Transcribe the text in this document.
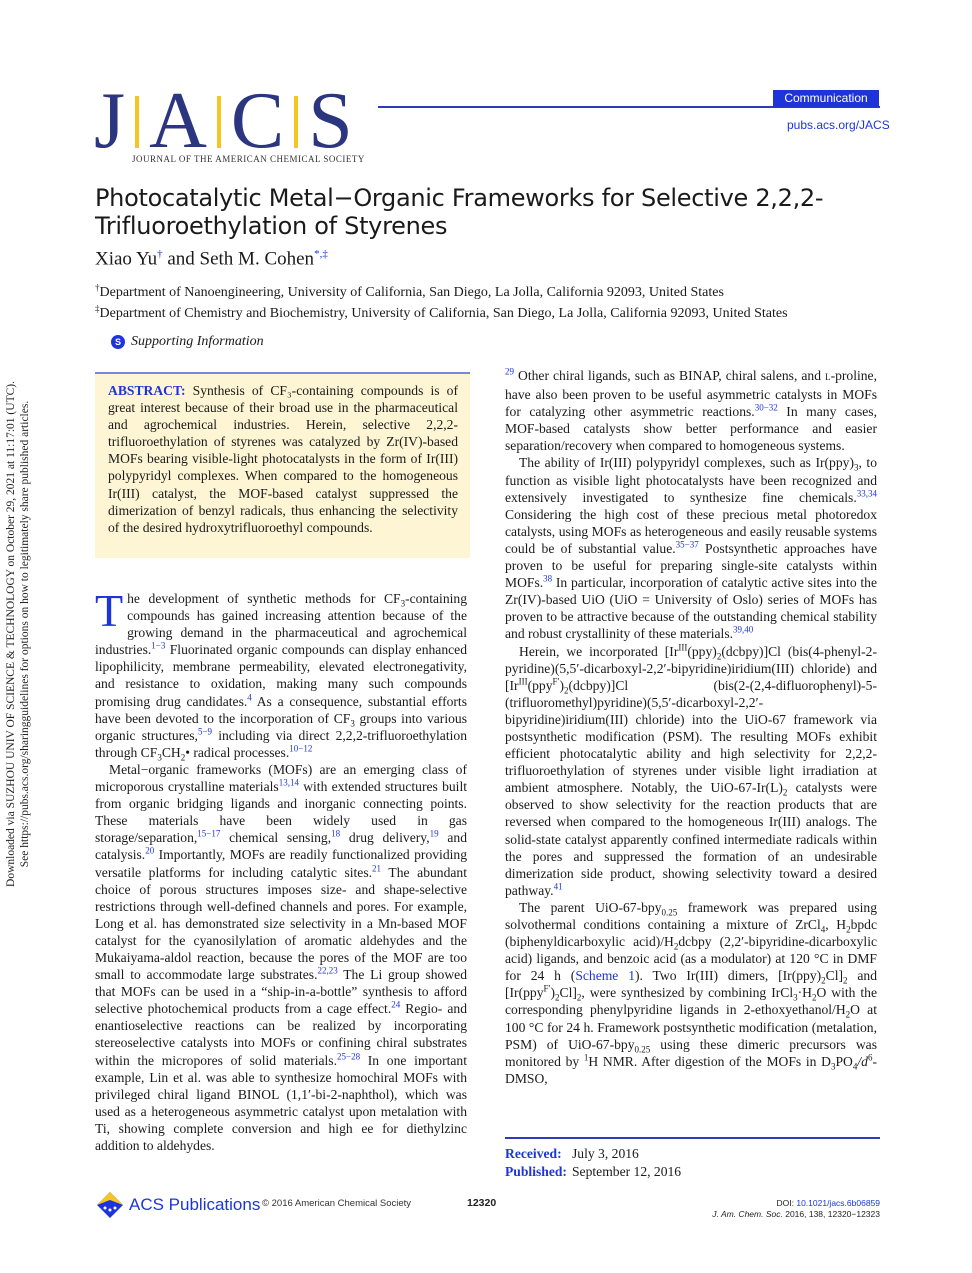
J A C S
JOURNAL OF THE AMERICAN CHEMICAL SOCIETY
Communication
pubs.acs.org/JACS
Photocatalytic Metal−Organic Frameworks for Selective 2,2,2-Trifluoroethylation of Styrenes
Xiao Yu† and Seth M. Cohen*,‡
†Department of Nanoengineering, University of California, San Diego, La Jolla, California 92093, United States
‡Department of Chemistry and Biochemistry, University of California, San Diego, La Jolla, California 92093, United States
S Supporting Information
Downloaded via SUZHOU UNIV OF SCIENCE & TECHNOLOGY on October 29, 2021 at 11:17:01 (UTC). See https://pubs.acs.org/sharingguidelines for options on how to legitimately share published articles.
ABSTRACT: Synthesis of CF₃-containing compounds is of great interest because of their broad use in the pharmaceutical and agrochemical industries. Herein, selective 2,2,2-trifluoroethylation of styrenes was catalyzed by Zr(IV)-based MOFs bearing visible-light photocatalysts in the form of Ir(III) polypyridyl complexes. When compared to the homogeneous Ir(III) catalyst, the MOF-based catalyst suppressed the dimerization of benzyl radicals, thus enhancing the selectivity of the desired hydroxytrifluoroethyl compounds.

The development of synthetic methods for $CF_3$-containing compounds has gained increasing attention because of the growing demand in the pharmaceutical and agrochemical industries.$^{1-3}$ Fluorinated organic compounds can display enhanced lipophilicity, membrane permeability, elevated electronegativity, and resistance to oxidation, making many such compounds promising drug candidates.$^4$ As a consequence, substantial efforts have been devoted to the incorporation of $CF_3$ groups into various organic structures,$^{5-9}$ including via direct 2,2,2-trifluoroethylation through $CF_3CH_2•$ radical processes.$^{10-12}$

Metal−organic frameworks (MOFs) are an emerging class of microporous crystalline materials$^{13,14}$ with extended structures built from organic bridging ligands and inorganic connecting points. These materials have been widely used in gas storage/separation,$^{15-17}$ chemical sensing,$^{18}$ drug delivery,$^{19}$ and catalysis.$^{20}$ Importantly, MOFs are readily functionalized providing versatile platforms for including catalytic sites.$^{21}$ The abundant choice of porous structures imposes size- and shape-selective restrictions through well-defined channels and pores. For example, Long et al. has demonstrated size selectivity in a Mn-based MOF catalyst for the cyanosilylation of aromatic aldehydes and the Mukaiyama-aldol reaction, because the pores of the MOF are too small to accommodate large substrates.$^{22,23}$ The Li group showed that MOFs can be used in a “ship-in-a-bottle” synthesis to afford selective photochemical products from a cage effect.$^{24}$ Regio- and enantioselective reactions can be realized by incorporating stereoselective catalysts into MOFs or confining chiral substrates within the micropores of solid materials.$^{25-28}$ In one important example, Lin et al. was able to synthesize homochiral MOFs with privileged chiral ligand BINOL (1,1′-bi-2-naphthol), which was used as a heterogeneous asymmetric catalyst upon metalation with Ti, showing complete conversion and high ee for diethylzinc addition to aldehydes.

$^{29}$ Other chiral ligands, such as BINAP, chiral salens, and L-proline, have also been proven to be useful asymmetric catalysts in MOFs for catalyzing other asymmetric reactions.$^{30-32}$ In many cases, MOF-based catalysts show better performance and easier separation/recovery when compared to homogeneous systems.

The ability of Ir(III) polypyridyl complexes, such as $Ir(ppy)_3$, to function as visible light photocatalysts have been recognized and extensively investigated to synthesize fine chemicals.$^{33,34}$ Considering the high cost of these precious metal photoredox catalysts, using MOFs as heterogeneous and easily reusable systems could be of substantial value.$^{35-37}$ Postsynthetic approaches have proven to be useful for preparing single-site catalysts within MOFs.$^{38}$ In particular, incorporation of catalytic active sites into the Zr(IV)-based UiO (UiO = University of Oslo) series of MOFs has proven to be attractive because of the outstanding chemical stability and robust crystallinity of these materials.$^{39,40}$

Herein, we incorporated $[Ir^{III}(ppy)_2(dcbpy)]Cl$ (bis(4-phenyl-2-pyridine)(5,5′-dicarboxyl-2,2′-bipyridine)iridium(III) chloride) and $[Ir^{III}(ppy^{F'})_2(dcbpy)]Cl$ (bis(2-(2,4-difluorophenyl)-5-(trifluoromethyl)pyridine)(5,5′-dicarboxyl-2,2′-bipyridine)iridium(III) chloride) into the UiO-67 framework via postsynthetic modification (PSM). The resulting MOFs exhibit efficient photocatalytic ability and high selectivity for 2,2,2-trifluoroethylation of styrenes under visible light irradiation at ambient atmosphere. Notably, the UiO-$67-Ir(L)_2$ catalysts were observed to show selectivity for the reaction products that are reversed when compared to the homogeneous Ir(III) analogs. The solid-state catalyst apparently confined intermediate radicals within the pores and suppressed the formation of an undesirable dimerization side product, showing selectivity toward a desired pathway.$^{41}$

The parent UiO-67-bpy$_{0.25}$ framework was prepared using solvothermal conditions containing a mixture of ZrCl$_4$, $H_2bpdc$ (biphenyldicarboxylic $acid)/H_2dcbpy$ (2,2′-bipyridine-dicarboxylic acid) ligands, and benzoic acid (as a modulator) at 120 °C in DMF for 24 h (Scheme 1). Two Ir(III) dimers, $[Ir(ppy)_2Cl]_2$ and $[Ir(ppy^{F'})_2Cl]_2$, were synthesized by combining $IrCl_3\cdot H_2O$ with the corresponding phenylpyridine ligands in $2-ethoxyethanol/H_2O$ at 100 °C for 24 h. Framework postsynthetic modification (metalation, PSM) of UiO-67-bpy$_{0.25}$ using these dimeric precursors was monitored by $^1$H NMR. After digestion of the MOFs in $D_3PO_4/d^6$-DMSO,

Received: July 3, 2016
Published: September 12, 2016
ACS Publications © 2016 American Chemical Society	12320	DOI: 10.1021/jacs.6b06859
J. Am. Chem. Soc. 2016, 138, 12320−12323
